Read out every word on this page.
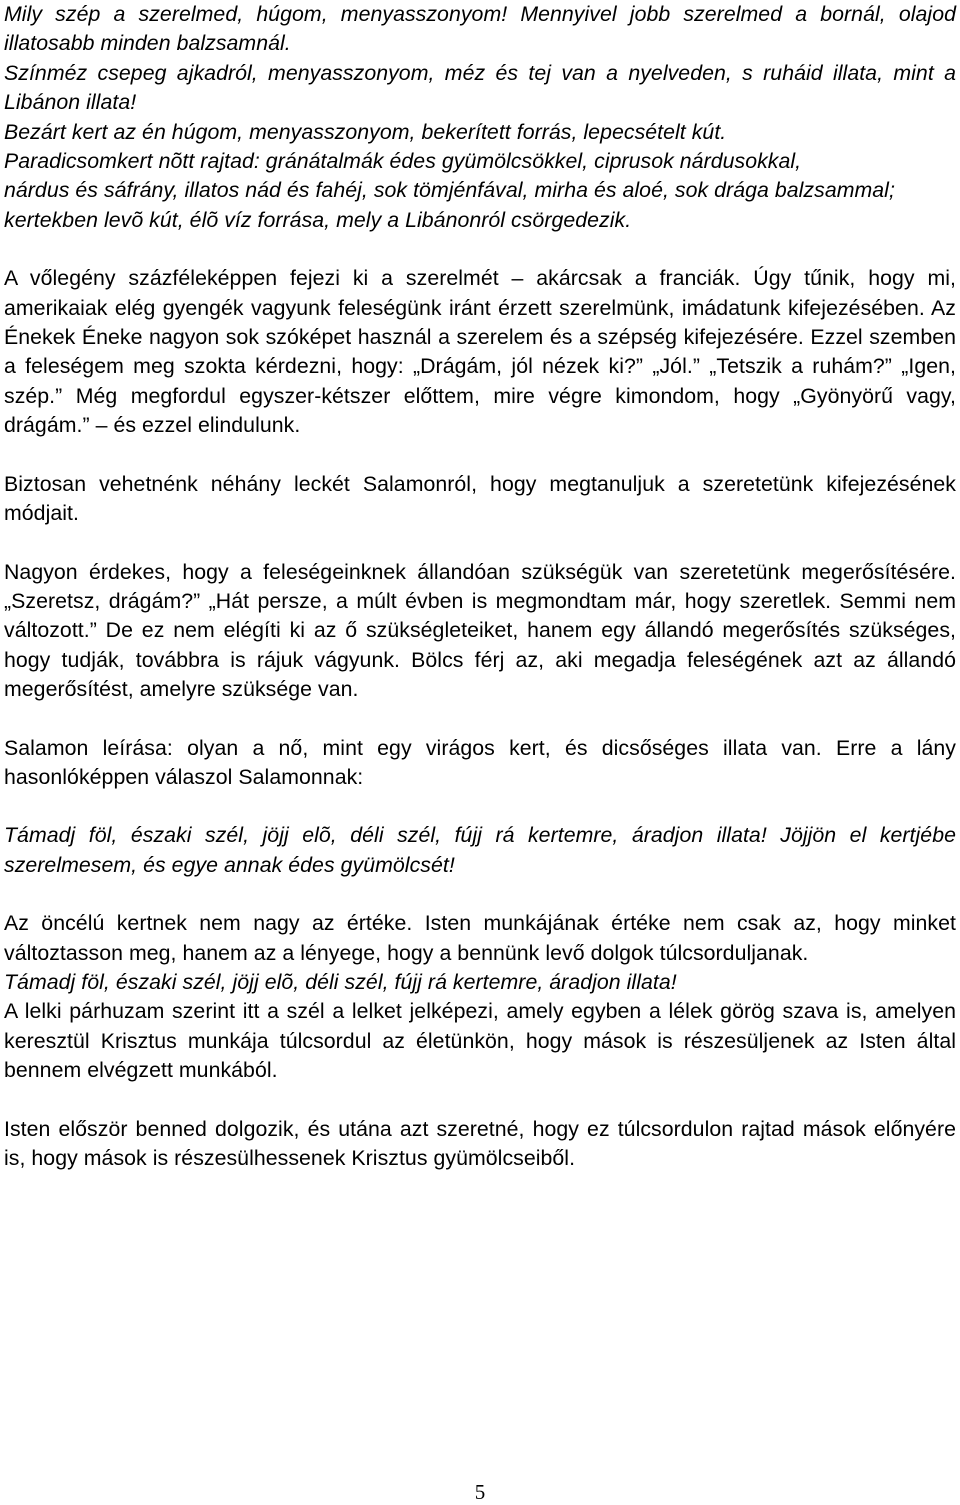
Mily szép a szerelmed, húgom, menyasszonyom! Mennyivel jobb szerelmed a bornál, olajod illatosabb minden balzsamnál.

Színméz csepeg ajkadról, menyasszonyom, méz és tej van a nyelveden, s ruháid illata, mint a Libánon illata!

Bezárt kert az én húgom, menyasszonyom, bekerített forrás, lepecsételt kút.

Paradicsomkert nõtt rajtad: gránátalmák édes gyümölcsökkel, ciprusok nárdusokkal,

nárdus és sáfrány, illatos nád és fahéj, sok tömjénfával, mirha és aloé, sok drága balzsammal;

kertekben levõ kút, élõ víz forrása, mely a Libánonról csörgedezik.

A vőlegény százféleképpen fejezi ki a szerelmét – akárcsak a franciák. Úgy tűnik, hogy mi, amerikaiak elég gyengék vagyunk feleségünk iránt érzett szerelmünk, imádatunk kifejezésében. Az Énekek Éneke nagyon sok szóképet használ a szerelem és a szépség kifejezésére. Ezzel szemben a feleségem meg szokta kérdezni, hogy: „Drágám, jól nézek ki?” „Jól.” „Tetszik a ruhám?” „Igen, szép.” Még megfordul egyszer-kétszer előttem, mire végre kimondom, hogy „Gyönyörű vagy, drágám.” – és ezzel elindulunk.

Biztosan vehetnénk néhány leckét Salamonról, hogy megtanuljuk a szeretetünk kifejezésének módjait.

Nagyon érdekes, hogy a feleségeinknek állandóan szükségük van szeretetünk megerősítésére. „Szeretsz, drágám?” „Hát persze, a múlt évben is megmondtam már, hogy szeretlek. Semmi nem változott.” De ez nem elégíti ki az ő szükségleteiket, hanem egy állandó megerősítés szükséges, hogy tudják, továbbra is rájuk vágyunk. Bölcs férj az, aki megadja feleségének azt az állandó megerősítést, amelyre szüksége van.

Salamon leírása: olyan a nő, mint egy virágos kert, és dicsőséges illata van. Erre a lány hasonlóképpen válaszol Salamonnak:

Támadj föl, északi szél, jöjj elõ, déli szél, fújj rá kertemre, áradjon illata! Jöjjön el kertjébe szerelmesem, és egye annak édes gyümölcsét!

Az öncélú kertnek nem nagy az értéke. Isten munkájának értéke nem csak az, hogy minket változtasson meg, hanem az a lényege, hogy a bennünk levő dolgok túlcsorduljanak.

Támadj föl, északi szél, jöjj elõ, déli szél, fújj rá kertemre, áradjon illata!

A lelki párhuzam szerint itt a szél a lelket jelképezi, amely egyben a lélek görög szava is, amelyen keresztül Krisztus munkája túlcsordul az életünkön, hogy mások is részesüljenek az Isten által bennem elvégzett munkából.

Isten először benned dolgozik, és utána azt szeretné, hogy ez túlcsordulon rajtad mások előnyére is, hogy mások is részesülhessenek Krisztus gyümölcseiből.

5
